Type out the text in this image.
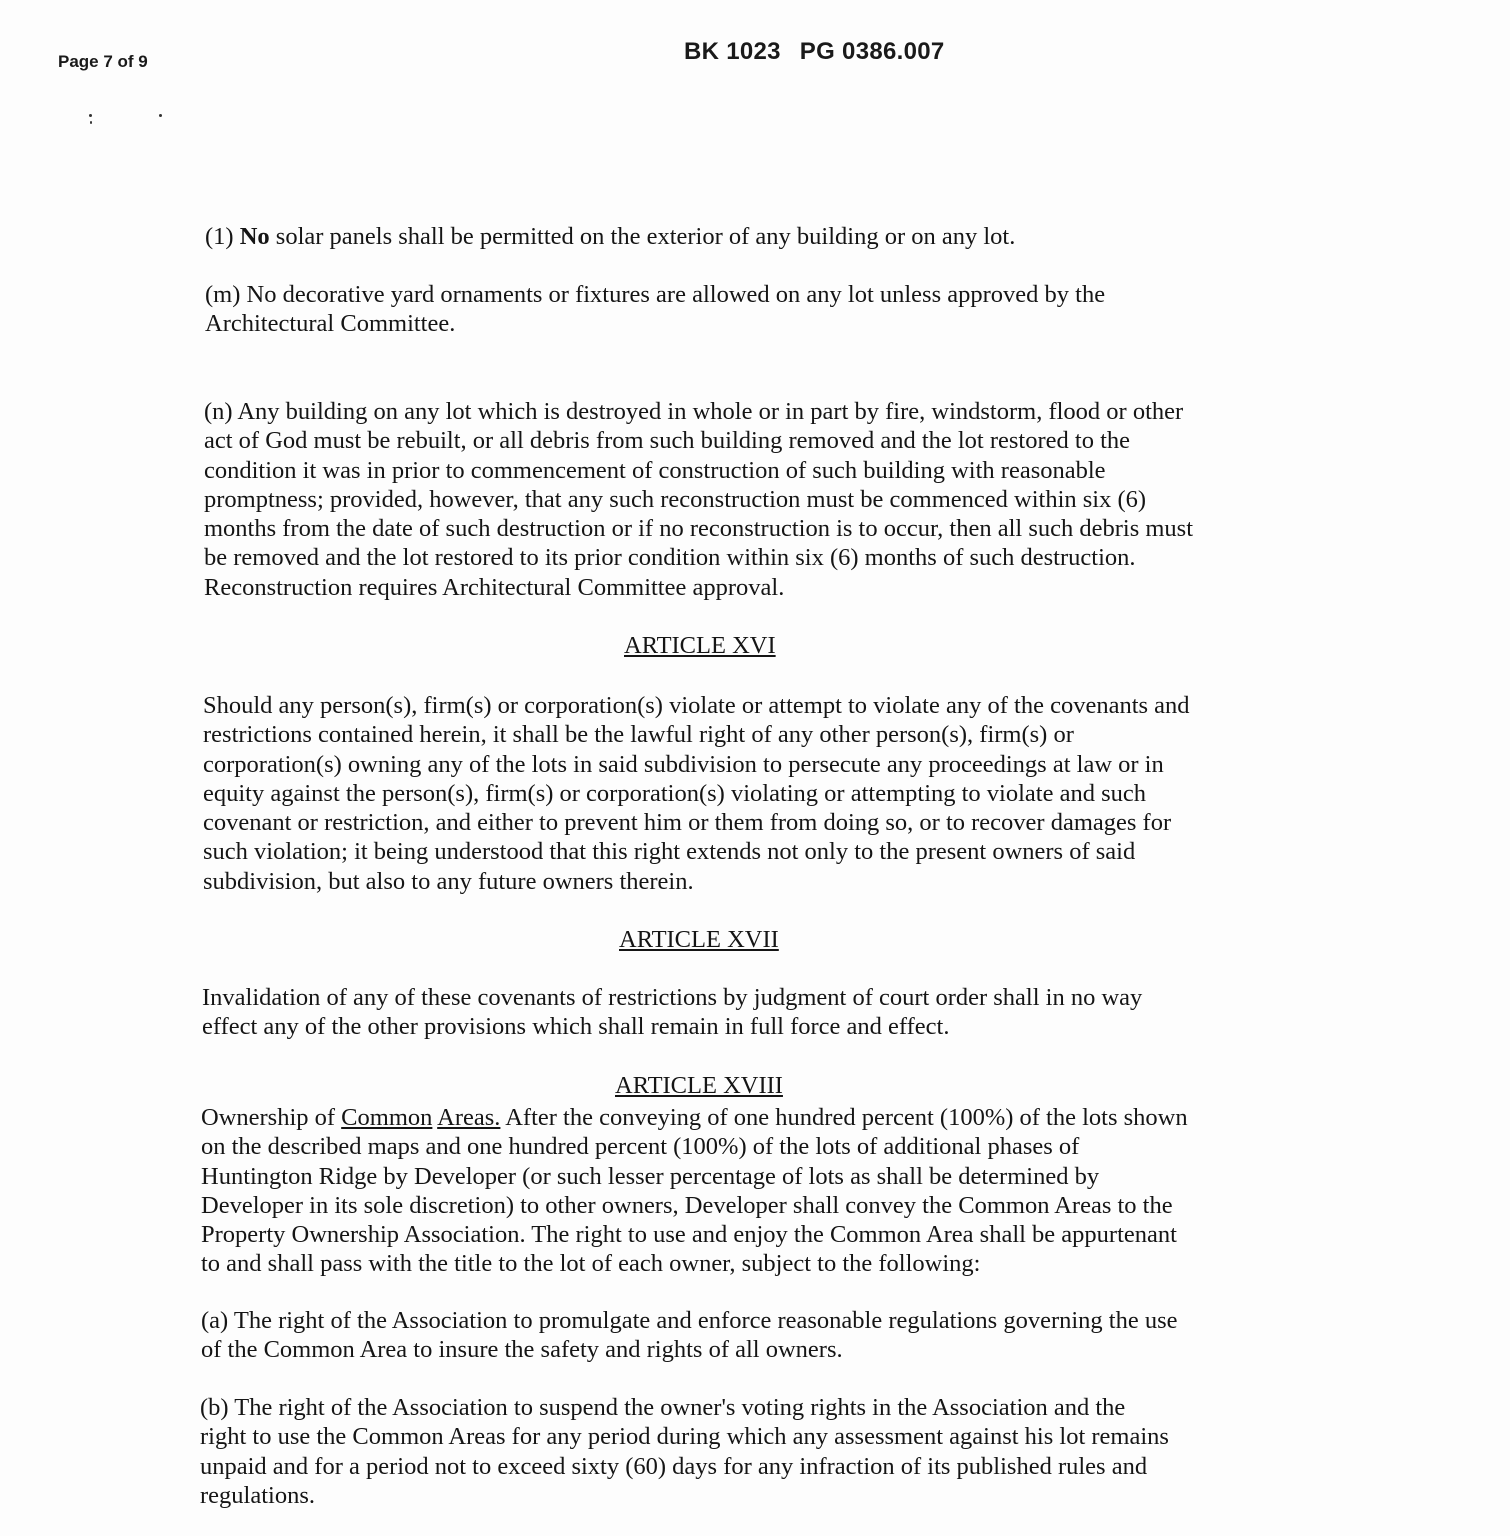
Page 7 of 9	BK 1023 PG 0386.007

(1) No solar panels shall be permitted on the exterior of any building or on any lot.

(m) No decorative yard ornaments or fixtures are allowed on any lot unless approved by the Architectural Committee.

(n) Any building on any lot which is destroyed in whole or in part by fire, windstorm, flood or other act of God must be rebuilt, or all debris from such building removed and the lot restored to the condition it was in prior to commencement of construction of such building with reasonable promptness; provided, however, that any such reconstruction must be commenced within six (6) months from the date of such destruction or if no reconstruction is to occur, then all such debris must be removed and the lot restored to its prior condition within six (6) months of such destruction. Reconstruction requires Architectural Committee approval.

ARTICLE XVI

Should any person(s), firm(s) or corporation(s) violate or attempt to violate any of the covenants and restrictions contained herein, it shall be the lawful right of any other person(s), firm(s) or corporation(s) owning any of the lots in said subdivision to persecute any proceedings at law or in equity against the person(s), firm(s) or corporation(s) violating or attempting to violate and such covenant or restriction, and either to prevent him or them from doing so, or to recover damages for such violation; it being understood that this right extends not only to the present owners of said subdivision, but also to any future owners therein.

ARTICLE XVII

Invalidation of any of these covenants of restrictions by judgment of court order shall in no way effect any of the other provisions which shall remain in full force and effect.

ARTICLE XVIII

Ownership of Common Areas. After the conveying of one hundred percent (100%) of the lots shown on the described maps and one hundred percent (100%) of the lots of additional phases of Huntington Ridge by Developer (or such lesser percentage of lots as shall be determined by Developer in its sole discretion) to other owners, Developer shall convey the Common Areas to the Property Ownership Association. The right to use and enjoy the Common Area shall be appurtenant to and shall pass with the title to the lot of each owner, subject to the following:

(a) The right of the Association to promulgate and enforce reasonable regulations governing the use of the Common Area to insure the safety and rights of all owners.

(b) The right of the Association to suspend the owner's voting rights in the Association and the right to use the Common Areas for any period during which any assessment against his lot remains unpaid and for a period not to exceed sixty (60) days for any infraction of its published rules and regulations.
